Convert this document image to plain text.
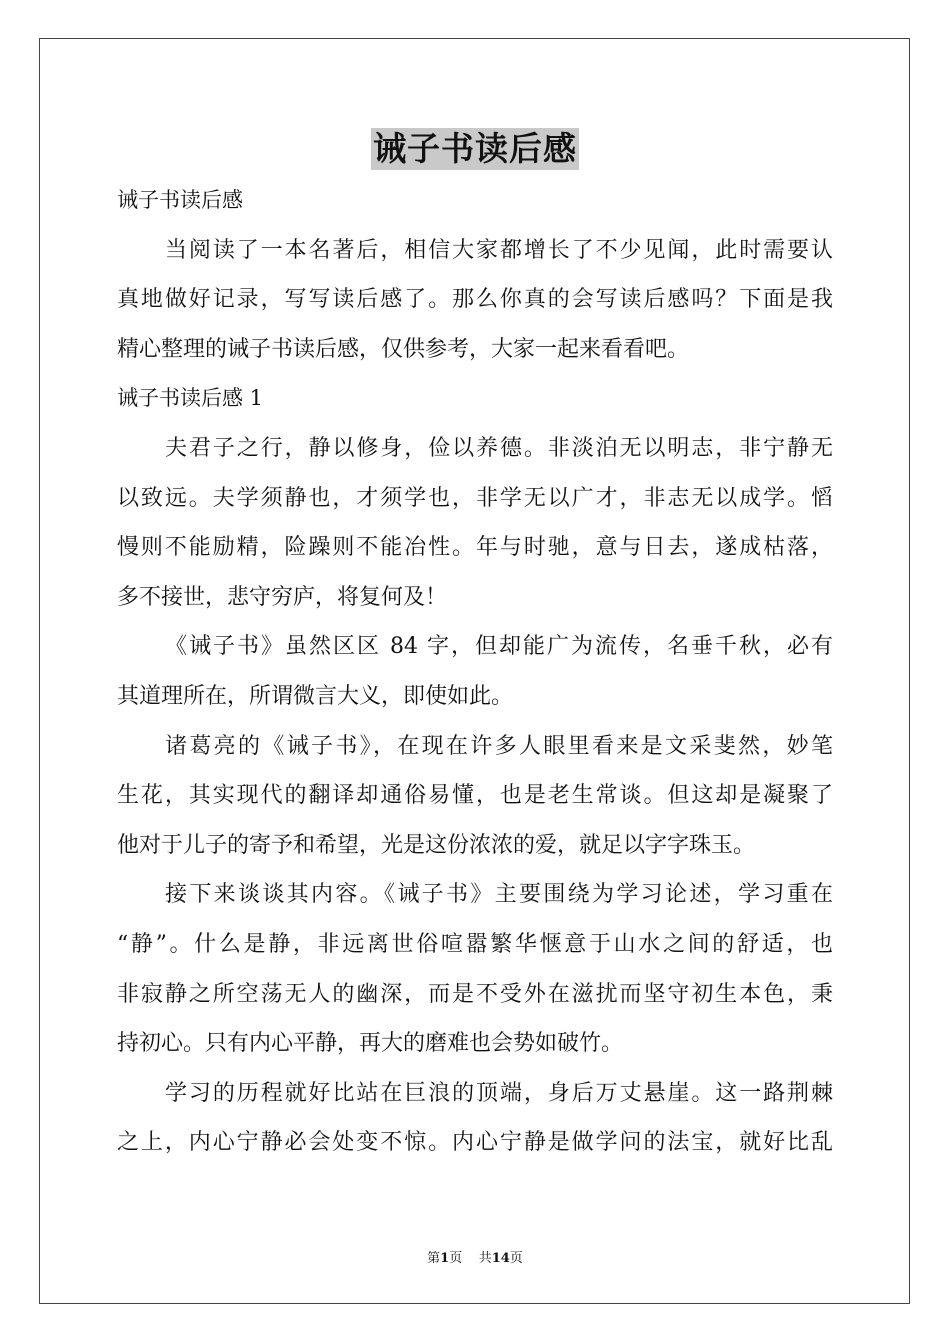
诫子书读后感
诫子书读后感
当阅读了一本名著后，相信大家都增长了不少见闻，此时需要认
真地做好记录，写写读后感了。那么你真的会写读后感吗？下面是我
精心整理的诫子书读后感，仅供参考，大家一起来看看吧。
诫子书读后感 1
夫君子之行，静以修身，俭以养德。非淡泊无以明志，非宁静无
以致远。夫学须静也，才须学也，非学无以广才，非志无以成学。慆
慢则不能励精，险躁则不能冶性。年与时驰，意与日去，遂成枯落，
多不接世，悲守穷庐，将复何及！
《诫子书》虽然区区 84 字，但却能广为流传，名垂千秋，必有
其道理所在，所谓微言大义，即使如此。
诸葛亮的《诫子书》，在现在许多人眼里看来是文采斐然，妙笔
生花，其实现代的翻译却通俗易懂，也是老生常谈。但这却是凝聚了
他对于儿子的寄予和希望，光是这份浓浓的爱，就足以字字珠玉。
接下来谈谈其内容。《诫子书》主要围绕为学习论述，学习重在
“静”。什么是静，非远离世俗喧嚣繁华惬意于山水之间的舒适，也
非寂静之所空荡无人的幽深，而是不受外在滋扰而坚守初生本色，秉
持初心。只有内心平静，再大的磨难也会势如破竹。
学习的历程就好比站在巨浪的顶端，身后万丈悬崖。这一路荆棘
之上，内心宁静必会处变不惊。内心宁静是做学问的法宝，就好比乱
第1页 共14页
